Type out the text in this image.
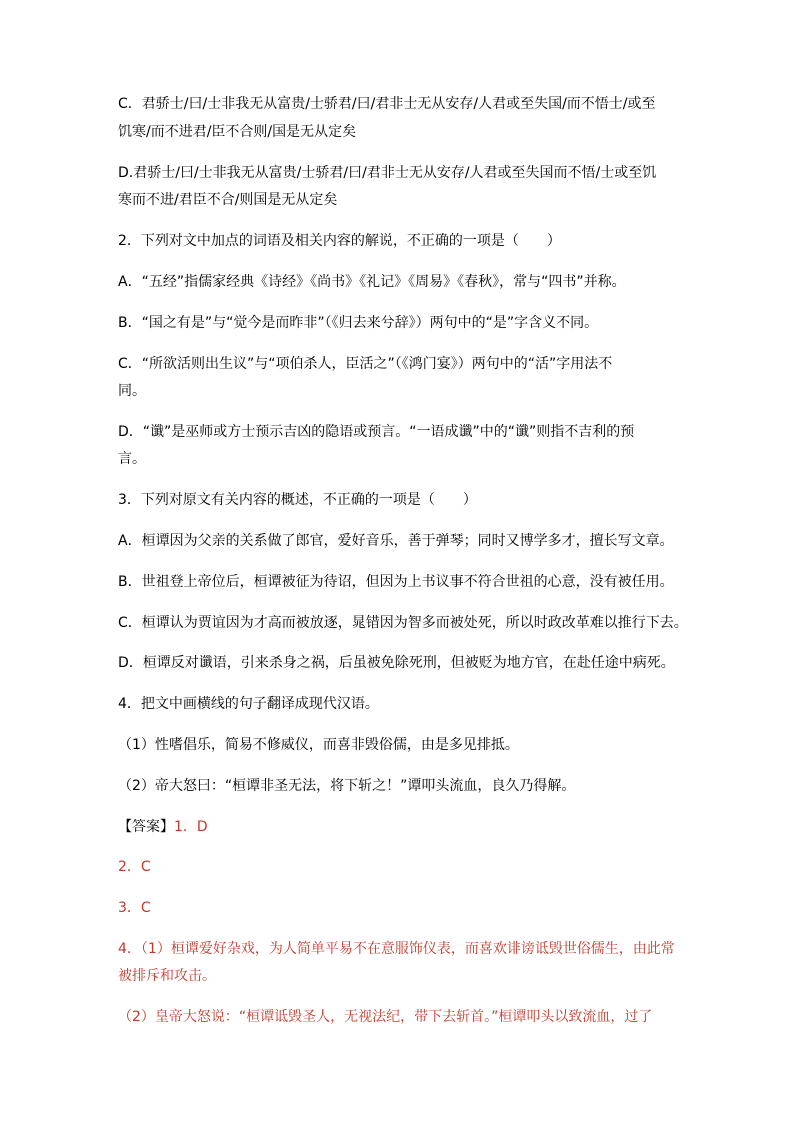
C．君骄士/曰/士非我无从富贵/士骄君/曰/君非士无从安存/人君或至失国/而不悟士/或至
饥寒/而不进君/臣不合则/国是无从定矣
D.君骄士/曰/士非我无从富贵/士骄君/曰/君非士无从安存/人君或至失国而不悟/士或至饥
寒而不进/君臣不合/则国是无从定矣
2．下列对文中加点的词语及相关内容的解说，不正确的一项是（　　）
A．“五经”指儒家经典《诗经》《尚书》《礼记》《周易》《春秋》，常与“四书”并称。
B．“国之有是”与“觉今是而昨非”（《归去来兮辞》）两句中的“是”字含义不同。
C．“所欲活则出生议”与“项伯杀人，臣活之”（《鸿门宴》）两句中的“活”字用法不
同。
D．“谶”是巫师或方士预示吉凶的隐语或预言。“一语成谶”中的“谶”则指不吉利的预
言。
3．下列对原文有关内容的概述，不正确的一项是（　　）
A．桓谭因为父亲的关系做了郎官，爱好音乐，善于弹琴；同时又博学多才，擅长写文章。
B．世祖登上帝位后，桓谭被征为待诏，但因为上书议事不符合世祖的心意，没有被任用。
C．桓谭认为贾谊因为才高而被放逐，晁错因为智多而被处死，所以时政改革难以推行下去。
D．桓谭反对谶语，引来杀身之祸，后虽被免除死刑，但被贬为地方官，在赴任途中病死。
4．把文中画横线的句子翻译成现代汉语。
（1）性嗜倡乐，简易不修威仪，而喜非毁俗儒，由是多见排抵。
（2）帝大怒曰：“桓谭非圣无法，将下斩之！”谭叩头流血，良久乃得解。
【答案】1．D
2．C
3．C
4．（1）桓谭爱好杂戏，为人简单平易不在意服饰仪表，而喜欢诽谤诋毁世俗儒生，由此常
被排斥和攻击。
（2）皇帝大怒说：“桓谭诋毁圣人，无视法纪，带下去斩首。”桓谭叩头以致流血，过了
